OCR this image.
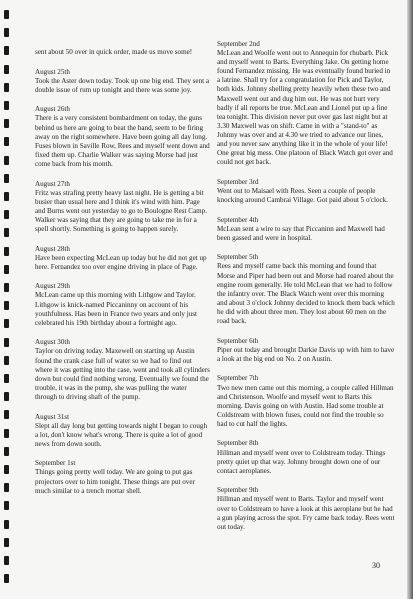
sent about 50 over in quick order, made us move some!
August 25th
Took the Aster down today. Took up one big end. They sent a double issue of rum up tonight and there was some joy.
August 26th
There is a very consistent bombardment on today, the guns behind us here are going to beat the band, seem to be firing away on the right somewhere. Have been going all day long. Fuses blown in Saville Row, Rees and myself went down and fixed them up. Charlie Walker was saying Morse had just come back from his month.
August 27th
Fritz was strafing pretty heavy last night. He is getting a bit busier than usual here and I think it's wind with him. Page and Burns went out yesterday to go to Boulogne Rest Camp. Walker was saying that they are going to take me in for a spell shortly. Something is going to happen surely.
August 28th
Have been expecting McLean up today but he did not get up here. Fernandez too over engine driving in place of Page.
August 29th
McLean came up this morning with Lithgow and Taylor. Lithgow is knick-named Piccaninny on account of his youthfulness. Has been in France two years and only just celebrated his 19th birthday about a fortnight ago.
August 30th
Taylor on driving today. Maxewell on starting up Austin found the crank case full of water so we had to find out where it was getting into the case, went and took all cylinders down but could find nothing wrong. Eventually we found the trouble, it was in the pump, she was pulling the water through to driving shaft of the pump.
August 31st
Slept all day long but getting towards night I began to cough a lot, don't know what's wrong. There is quite a lot of good news from down south.
September 1st
Things going pretty well today. We are going to put gas projectors over to him tonight. These things are put over much similar to a trench mortar shell.
September 2nd
McLean and Woolfe went out to Annequin for rhubarb. Pick and myself went to Barts. Everything Jake. On getting home found Fernandez missing. He was eventually found buried in a latrine. Shall try for a congratulation for Pick and Taylor, both kids. Johnny shelling pretty heavily when these two and Maxwell went out and dug him out. He was not hurt very badly if all reports be true. McLean and Lionel put up a fine tea tonight. This division never put over gas last night but at 3.30 Maxwell was on shift. Came in with a "stand-to" as Johnny was over and at 4.30 we tried to advance our lines, and you never saw anything like it in the whole of your life! One great big mess. One platoon of Black Watch got over and could not get back.
September 3rd
Went out to Maisael with Rees. Seen a couple of people knocking around Cambrai Village. Got paid about 5 o'clock.
September 4th
McLean sent a wire to say that Piccaninn and Maxwell had been gassed and were in hospital.
September 5th
Rees and myself came back this morning and found that Morse and Piper had been out and Morse had roared about the engine room generally. He told McLean that we had to follow the infantry over. The Black Watch went over this morning and about 3 o'clock Johnny decided to knock them back which he did with about three men. They lost about 60 men on the road back.
September 6th
Piper out today and brought Darkie Davis up with him to have a look at the big end on No. 2 on Austin.
September 7th
Two new men came out this morning, a couple called Hillman and Christenson. Woolfe and myself went to Barts this morning. Davis going on with Austin. Had some trouble at Coldstream with blown fuses, could not find the trouble so had to cut half the lights.
September 8th
Hillman and myself went over to Coldstream today. Things pretty quiet up that way. Johnny brought down one of our contact aeroplanes.
September 9th
Hillman and myself went to Barts. Taylor and myself went over to Coldstream to have a look at this aeroplane but he had a gun playing across the spot. Fry came back today. Rees went out today.
30
